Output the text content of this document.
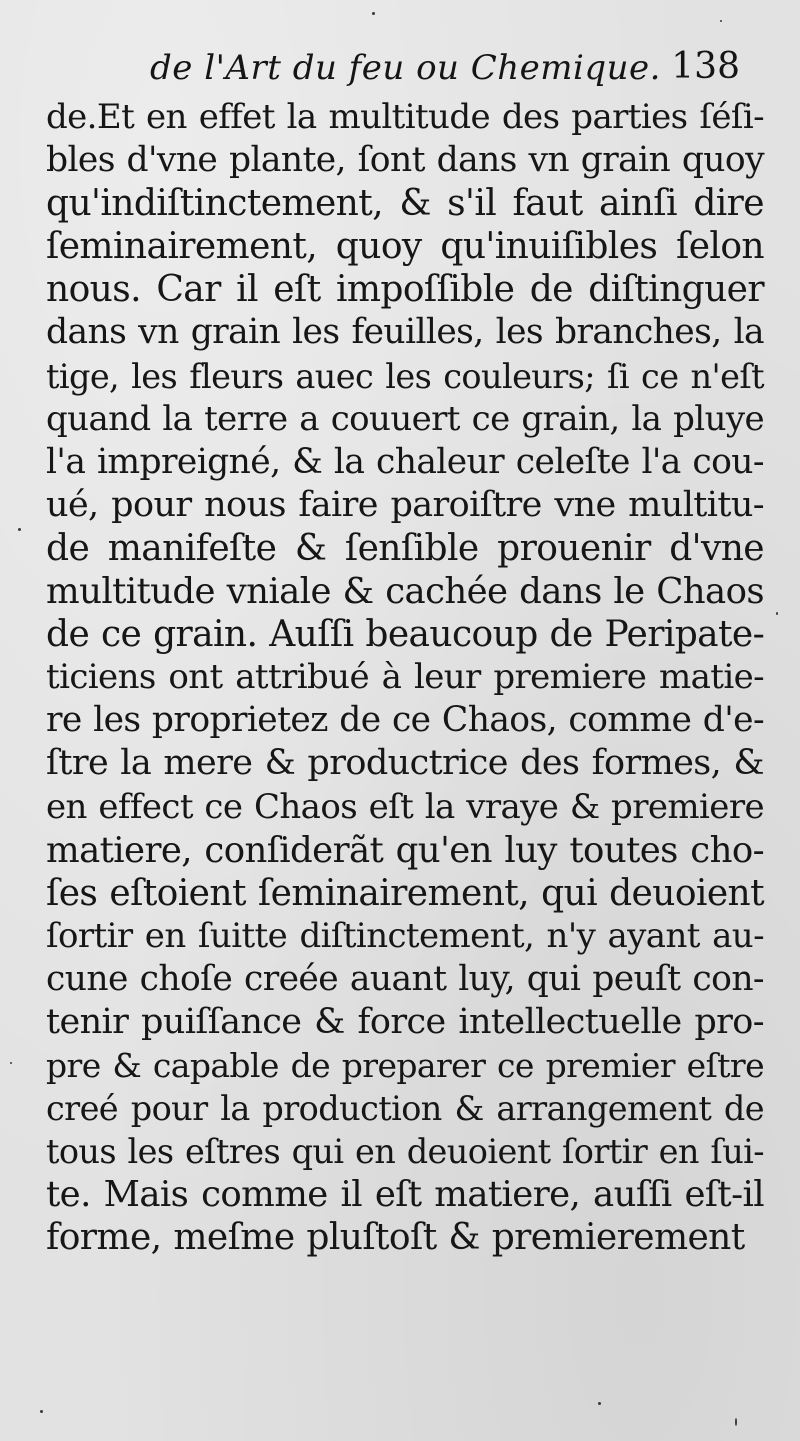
de l'Art du feu ou Chemique. 138
de.Et en effet la multitude des parties ſéſi-
bles d'vne plante, ſont dans vn grain quoy
qu'indiſtinctement, & s'il faut ainſi dire
ſeminairement, quoy qu'inuiſibles ſelon
nous. Car il eſt impoſſible de diſtinguer
dans vn grain les feuilles, les branches, la
tige, les fleurs auec les couleurs; ſi ce n'eſt
quand la terre a couuert ce grain, la pluye
l'a impreigné, & la chaleur celeſte l'a cou-
ué, pour nous faire paroiſtre vne multitu-
de manifeſte & ſenſible prouenir d'vne
multitude vniale & cachée dans le Chaos
de ce grain. Auſſi beaucoup de Peripate-
ticiens ont attribué à leur premiere matie-
re les proprietez de ce Chaos, comme d'e-
ſtre la mere & productrice des formes, &
en effect ce Chaos eſt la vraye & premiere
matiere, conſiderãt qu'en luy toutes cho-
ſes eſtoient ſeminairement, qui deuoient
ſortir en ſuitte diſtinctement, n'y ayant au-
cune choſe creée auant luy, qui peuſt con-
tenir puiſſance & force intellectuelle pro-
pre & capable de preparer ce premier eſtre
creé pour la production & arrangement de
tous les eſtres qui en deuoient ſortir en ſui-
te. Mais comme il eſt matiere, auſſi eſt-il
forme, meſme pluſtoſt & premierement
